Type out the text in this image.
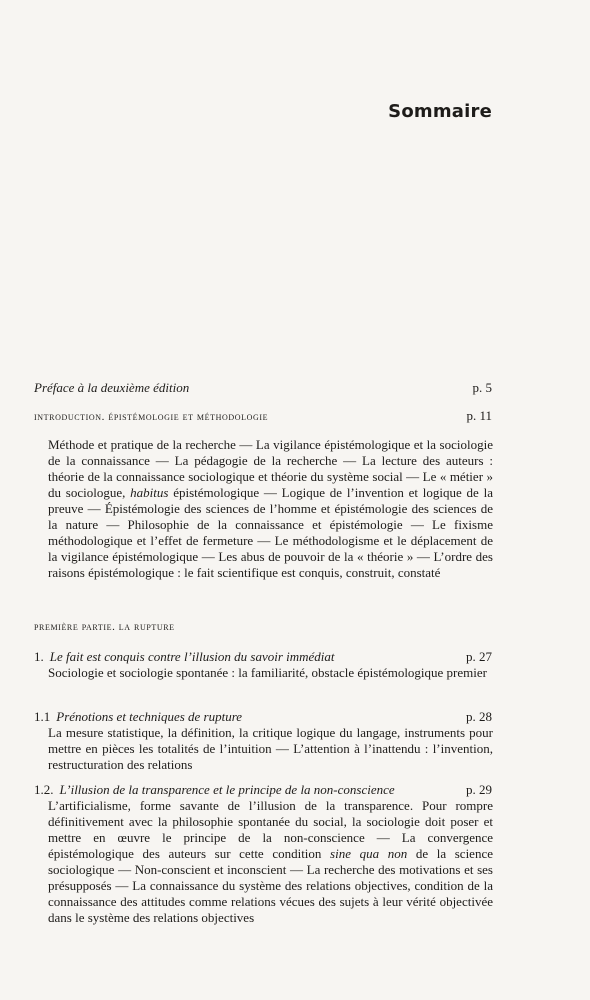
Sommaire
Préface à la deuxième édition	p. 5
introduction. épistémologie et méthodologie	p. 11

Méthode et pratique de la recherche — La vigilance épistémologique et la sociologie de la connaissance — La pédagogie de la recherche — La lecture des auteurs : théorie de la connaissance sociologique et théorie du système social — Le « métier » du sociologue, habitus épistémologique — Logique de l’invention et logique de la preuve — Épistémologie des sciences de l’homme et épistémologie des sciences de la nature — Philosophie de la connaissance et épistémologie — Le fixisme méthodologique et l’effet de fermeture — Le méthodologisme et le déplacement de la vigilance épistémologique — Les abus de pouvoir de la « théorie » — L’ordre des raisons épistémologique : le fait scientifique est conquis, construit, constaté

première partie. la rupture
1. Le fait est conquis contre l’illusion du savoir immédiat	p. 27

Sociologie et sociologie spontanée : la familiarité, obstacle épistémologique premier

1.1 Prénotions et techniques de rupture	p. 28

La mesure statistique, la définition, la critique logique du langage, instruments pour mettre en pièces les totalités de l’intuition — L’attention à l’inattendu : l’invention, restructuration des relations

1.2. L’illusion de la transparence et le principe de la non-conscience	p. 29

L’artificialisme, forme savante de l’illusion de la transparence. Pour rompre définitivement avec la philosophie spontanée du social, la sociologie doit poser et mettre en œuvre le principe de la non-conscience — La convergence épistémologique des auteurs sur cette condition sine qua non de la science sociologique — Non-conscient et inconscient — La recherche des motivations et ses présupposés — La connaissance du système des relations objectives, condition de la connaissance des attitudes comme relations vécues des sujets à leur vérité objectivée dans le système des relations objectives
